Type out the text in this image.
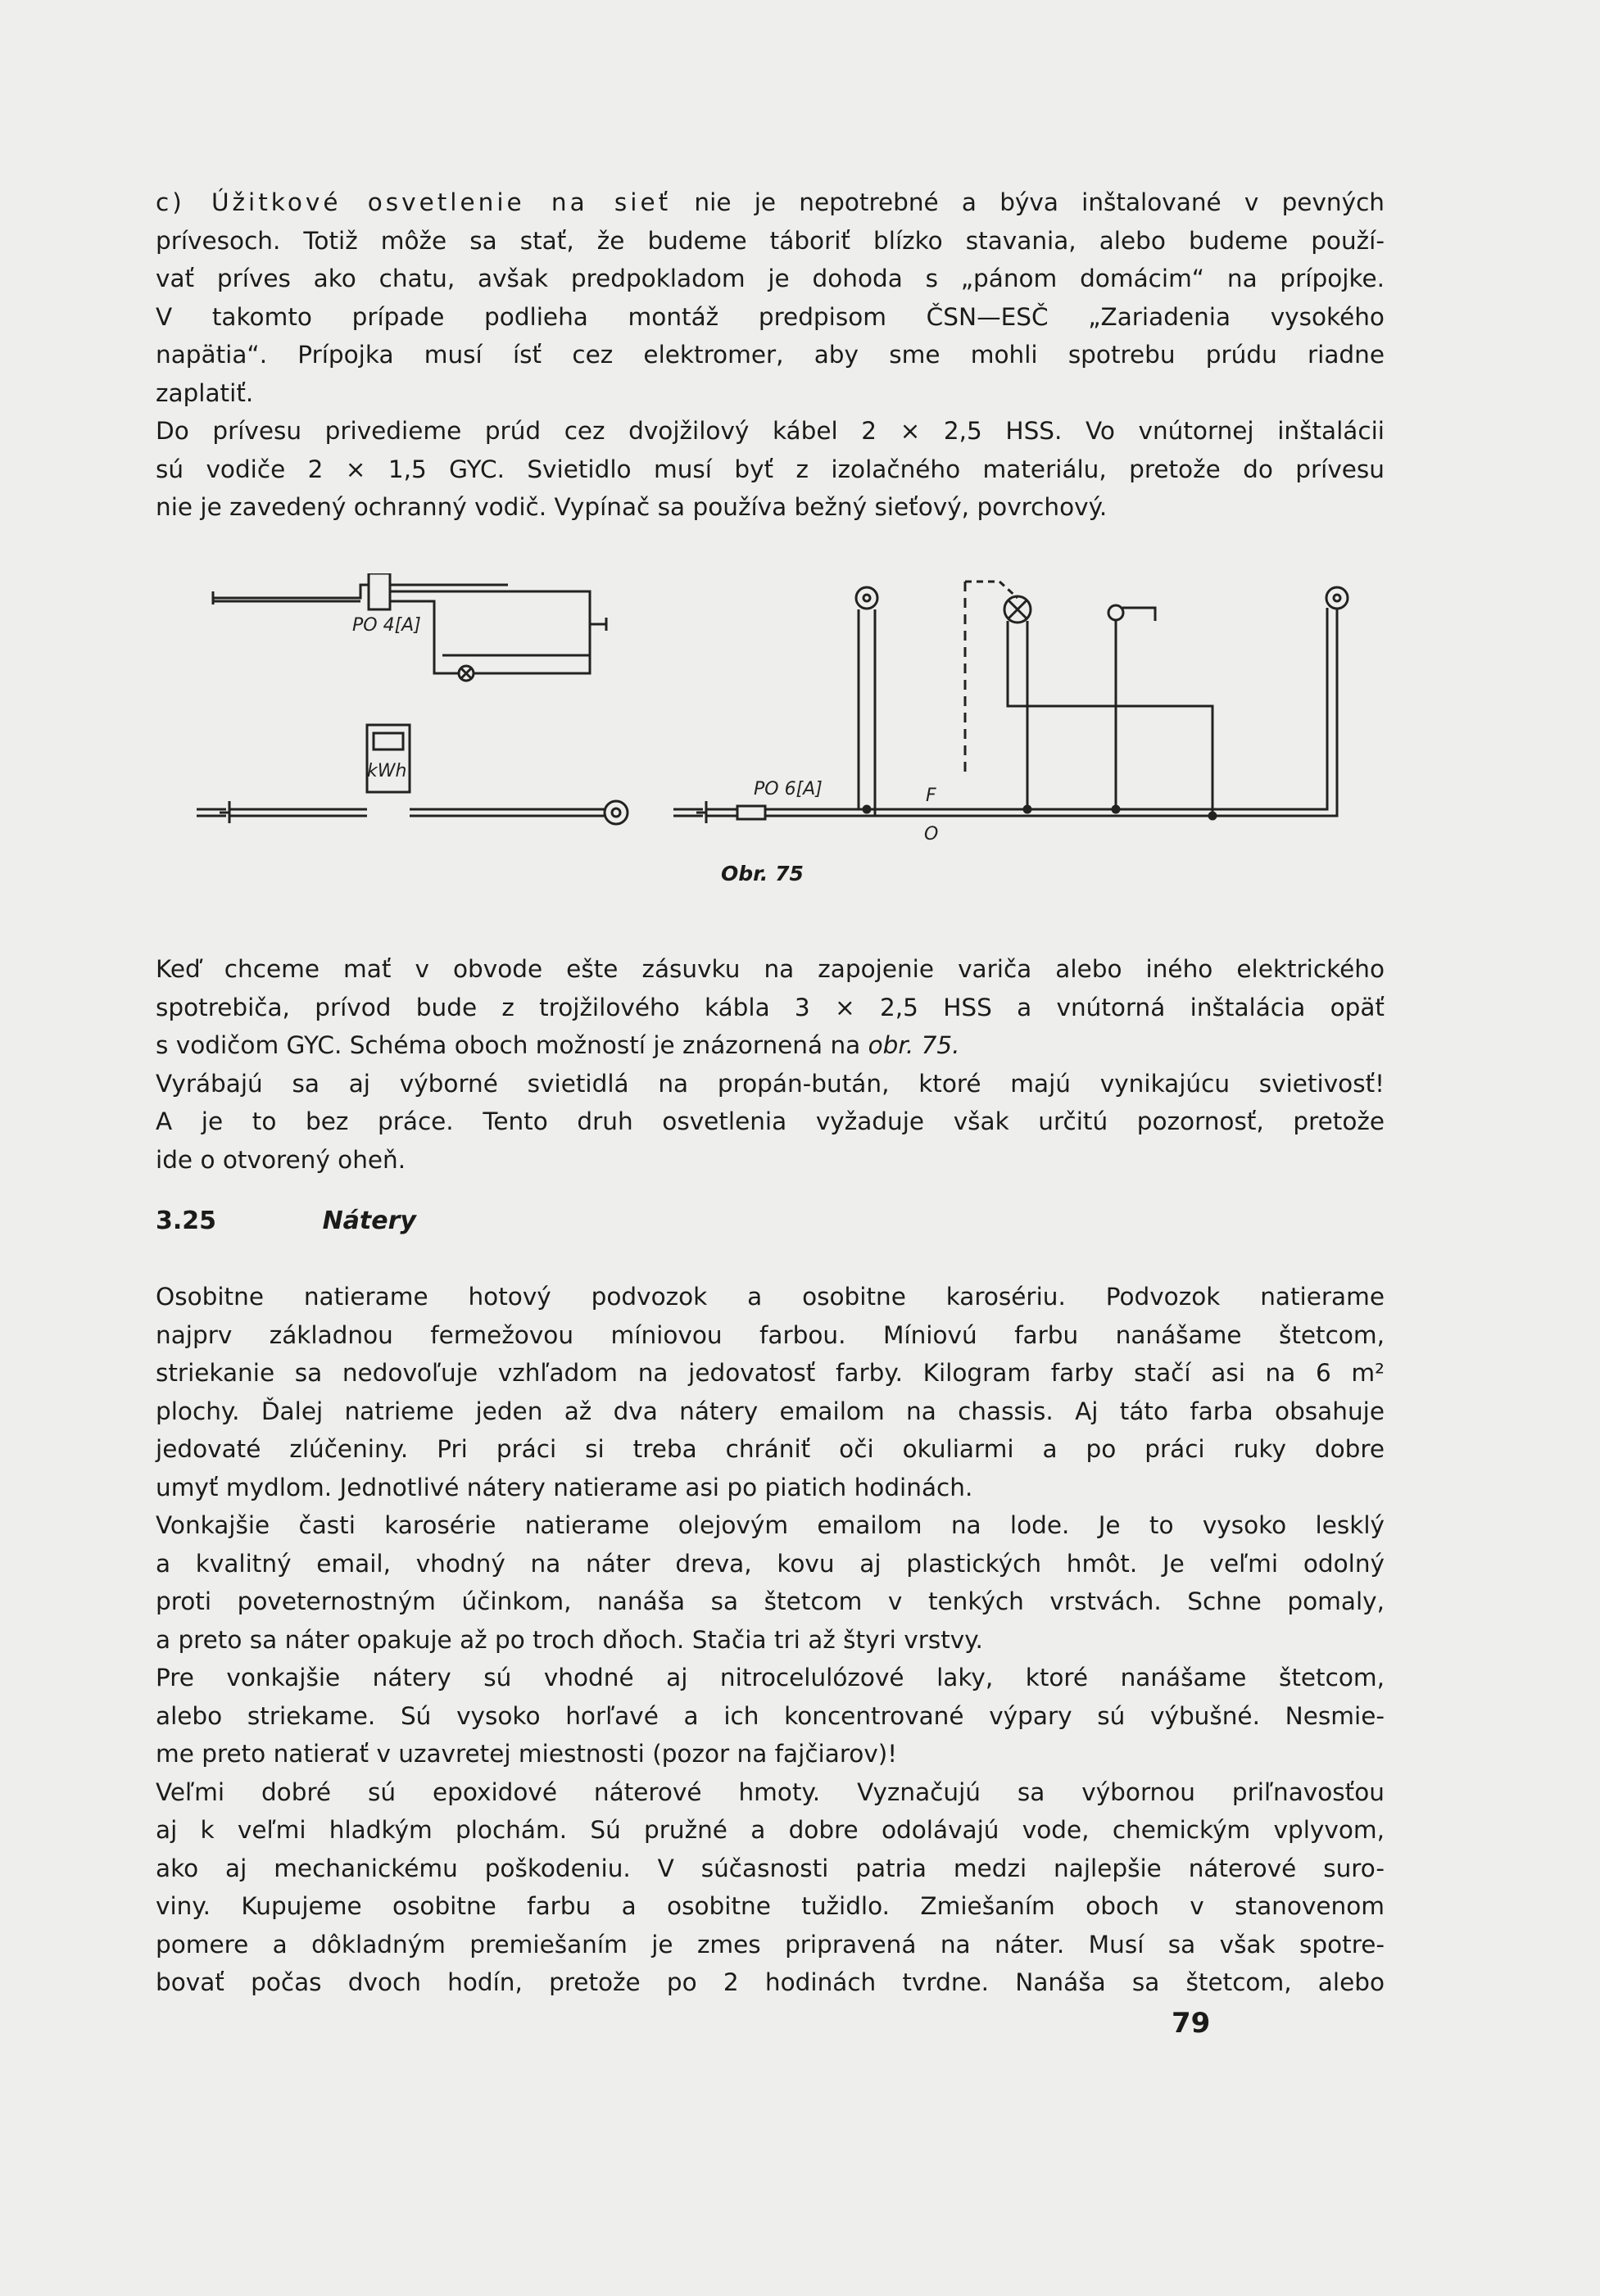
c) Úžitkové osvetlenie na sieť nie je nepotrebné a býva inštalované v pevných
prívesoch. Totiž môže sa stať, že budeme táboriť blízko stavania, alebo budeme použí-
vať príves ako chatu, avšak predpokladom je dohoda s „pánom domácim“ na prípojke.
V takomto prípade podlieha montáž predpisom ČSN—ESČ „Zariadenia vysokého
napätia“. Prípojka musí ísť cez elektromer, aby sme mohli spotrebu prúdu riadne
zaplatiť.
Do prívesu privedieme prúd cez dvojžilový kábel 2 × 2,5 HSS. Vo vnútornej inštalácii
sú vodiče 2 × 1,5 GYC. Svietidlo musí byť z izolačného materiálu, pretože do prívesu
nie je zavedený ochranný vodič. Vypínač sa používa bežný sieťový, povrchový.
PO 4[A]
kWh
PO 6[A]	F
O
Obr. 75
Keď chceme mať v obvode ešte zásuvku na zapojenie variča alebo iného elektrického
spotrebiča, prívod bude z trojžilového kábla 3 × 2,5 HSS a vnútorná inštalácia opäť
s vodičom GYC. Schéma oboch možností je znázornená na obr. 75.
Vyrábajú sa aj výborné svietidlá na propán-bután, ktoré majú vynikajúcu svietivosť!
A je to bez práce. Tento druh osvetlenia vyžaduje však určitú pozornosť, pretože
ide o otvorený oheň.
3.25	Nátery
Osobitne natierame hotový podvozok a osobitne karosériu. Podvozok natierame
najprv základnou fermežovou míniovou farbou. Míniovú farbu nanášame štetcom,
striekanie sa nedovoľuje vzhľadom na jedovatosť farby. Kilogram farby stačí asi na 6 m²
plochy. Ďalej natrieme jeden až dva nátery emailom na chassis. Aj táto farba obsahuje
jedovaté zlúčeniny. Pri práci si treba chrániť oči okuliarmi a po práci ruky dobre
umyť mydlom. Jednotlivé nátery natierame asi po piatich hodinách.
Vonkajšie časti karosérie natierame olejovým emailom na lode. Je to vysoko lesklý
a kvalitný email, vhodný na náter dreva, kovu aj plastických hmôt. Je veľmi odolný
proti poveternostným účinkom, nanáša sa štetcom v tenkých vrstvách. Schne pomaly,
a preto sa náter opakuje až po troch dňoch. Stačia tri až štyri vrstvy.
Pre vonkajšie nátery sú vhodné aj nitrocelulózové laky, ktoré nanášame štetcom,
alebo striekame. Sú vysoko horľavé a ich koncentrované výpary sú výbušné. Nesmie-
me preto natierať v uzavretej miestnosti (pozor na fajčiarov)!
Veľmi dobré sú epoxidové náterové hmoty. Vyznačujú sa výbornou priľnavosťou
aj k veľmi hladkým plochám. Sú pružné a dobre odolávajú vode, chemickým vplyvom,
ako aj mechanickému poškodeniu. V súčasnosti patria medzi najlepšie náterové suro-
viny. Kupujeme osobitne farbu a osobitne tužidlo. Zmiešaním oboch v stanovenom
pomere a dôkladným premiešaním je zmes pripravená na náter. Musí sa však spotre-
bovať počas dvoch hodín, pretože po 2 hodinách tvrdne. Nanáša sa štetcom, alebo
79
